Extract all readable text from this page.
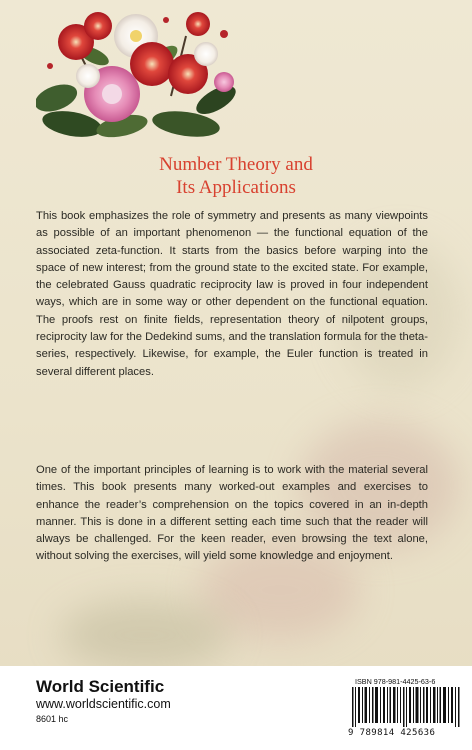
Number Theory and
Its Applications

This book emphasizes the role of symmetry and presents as many viewpoints as possible of an important phenomenon — the functional equation of the associated zeta-function. It starts from the basics before warping into the space of new interest; from the ground state to the excited state. For example, the celebrated Gauss quadratic reciprocity law is proved in four independent ways, which are in some way or other dependent on the functional equation. The proofs rest on finite fields, representation theory of nilpotent groups, reciprocity law for the Dedekind sums, and the translation formula for the theta-series, respectively. Likewise, for example, the Euler function is treated in several different places.

One of the important principles of learning is to work with the material several times. This book presents many worked-out examples and exercises to enhance the reader’s comprehension on the topics covered in an in-depth manner. This is done in a different setting each time such that the reader will always be challenged. For the keen reader, even browsing the text alone, without solving the exercises, will yield some knowledge and enjoyment.

World Scientific
www.worldscientific.com
8601 hc
ISBN 978-981-4425-63-6
9 789814 425636
